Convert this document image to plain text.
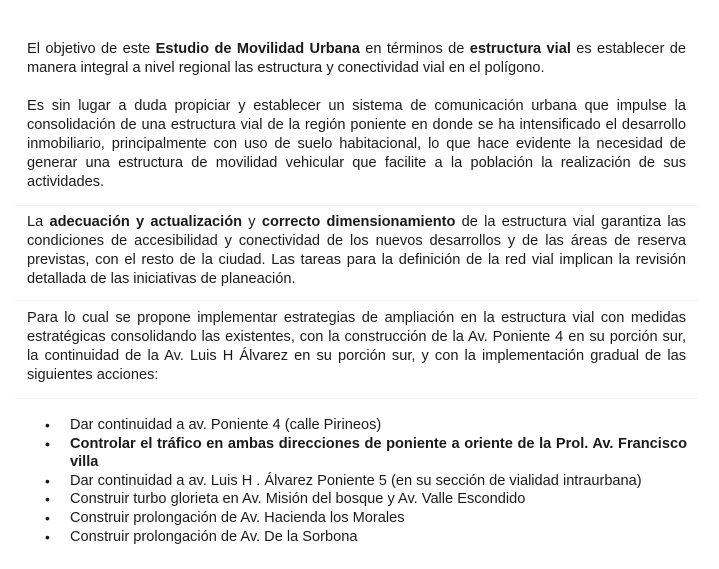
El objetivo de este Estudio de Movilidad Urbana en términos de estructura vial es establecer de manera integral a nivel regional las estructura y conectividad vial en el polígono.

Es sin lugar a duda propiciar y establecer un sistema de comunicación urbana que impulse la consolidación de una estructura vial de la región poniente en donde se ha intensificado el desarrollo inmobiliario, principalmente con uso de suelo habitacional, lo que hace evidente la necesidad de generar una estructura de movilidad vehicular que facilite a la población la realización de sus actividades.

La adecuación y actualización y correcto dimensionamiento de la estructura vial garantiza las condiciones de accesibilidad y conectividad de los nuevos desarrollos y de las áreas de reserva previstas, con el resto de la ciudad. Las tareas para la definición de la red vial implican la revisión detallada de las iniciativas de planeación.

Para lo cual se propone implementar estrategias de ampliación en la estructura vial con medidas estratégicas consolidando las existentes, con la construcción de la Av. Poniente 4 en su porción sur, la continuidad de la Av. Luis H Álvarez en su porción sur, y con la implementación gradual de las siguientes acciones:

• Dar continuidad a av. Poniente 4 (calle Pirineos)
• Controlar el tráfico en ambas direcciones de poniente a oriente de la Prol. Av. Francisco villa
• Dar continuidad a av. Luis H . Álvarez Poniente 5 (en su sección de vialidad intraurbana)
• Construir turbo glorieta en Av. Misión del bosque y Av. Valle Escondido
• Construir prolongación de Av. Hacienda los Morales
• Construir prolongación de Av. De la Sorbona
